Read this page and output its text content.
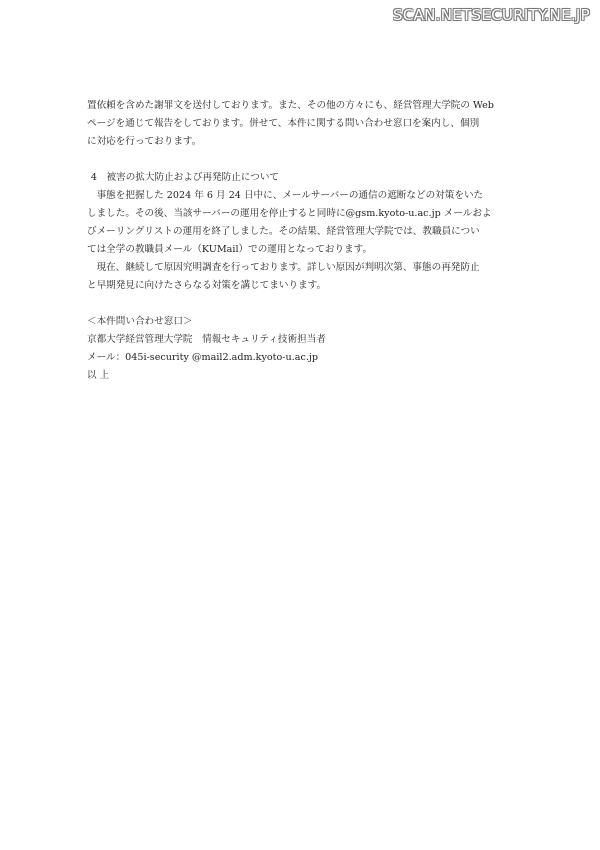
SCAN.NETSECURITY.NE.JP

置依頼を含めた謝罪文を送付しております。また、その他の方々にも、経営管理大学院の Web

ページを通じて報告をしております。併せて、本件に関する問い合わせ窓口を案内し、個別

に対応を行っております。

4　被害の拡大防止および再発防止について

事態を把握した 2024 年 6 月 24 日中に、メールサーバーの通信の遮断などの対策をいた

しました。その後、当該サーバーの運用を停止すると同時に@gsm.kyoto-u.ac.jp メールおよ

びメーリングリストの運用を終了しました。その結果、経営管理大学院では、教職員につい

ては全学の教職員メール（KUMail）での運用となっております。

現在、継続して原因究明調査を行っております。詳しい原因が判明次第、事態の再発防止

と早期発見に向けたさらなる対策を講じてまいります。

＜本件問い合わせ窓口＞

京都大学経営管理大学院　情報セキュリティ技術担当者

メール：045i-security @mail2.adm.kyoto-u.ac.jp

以 上
